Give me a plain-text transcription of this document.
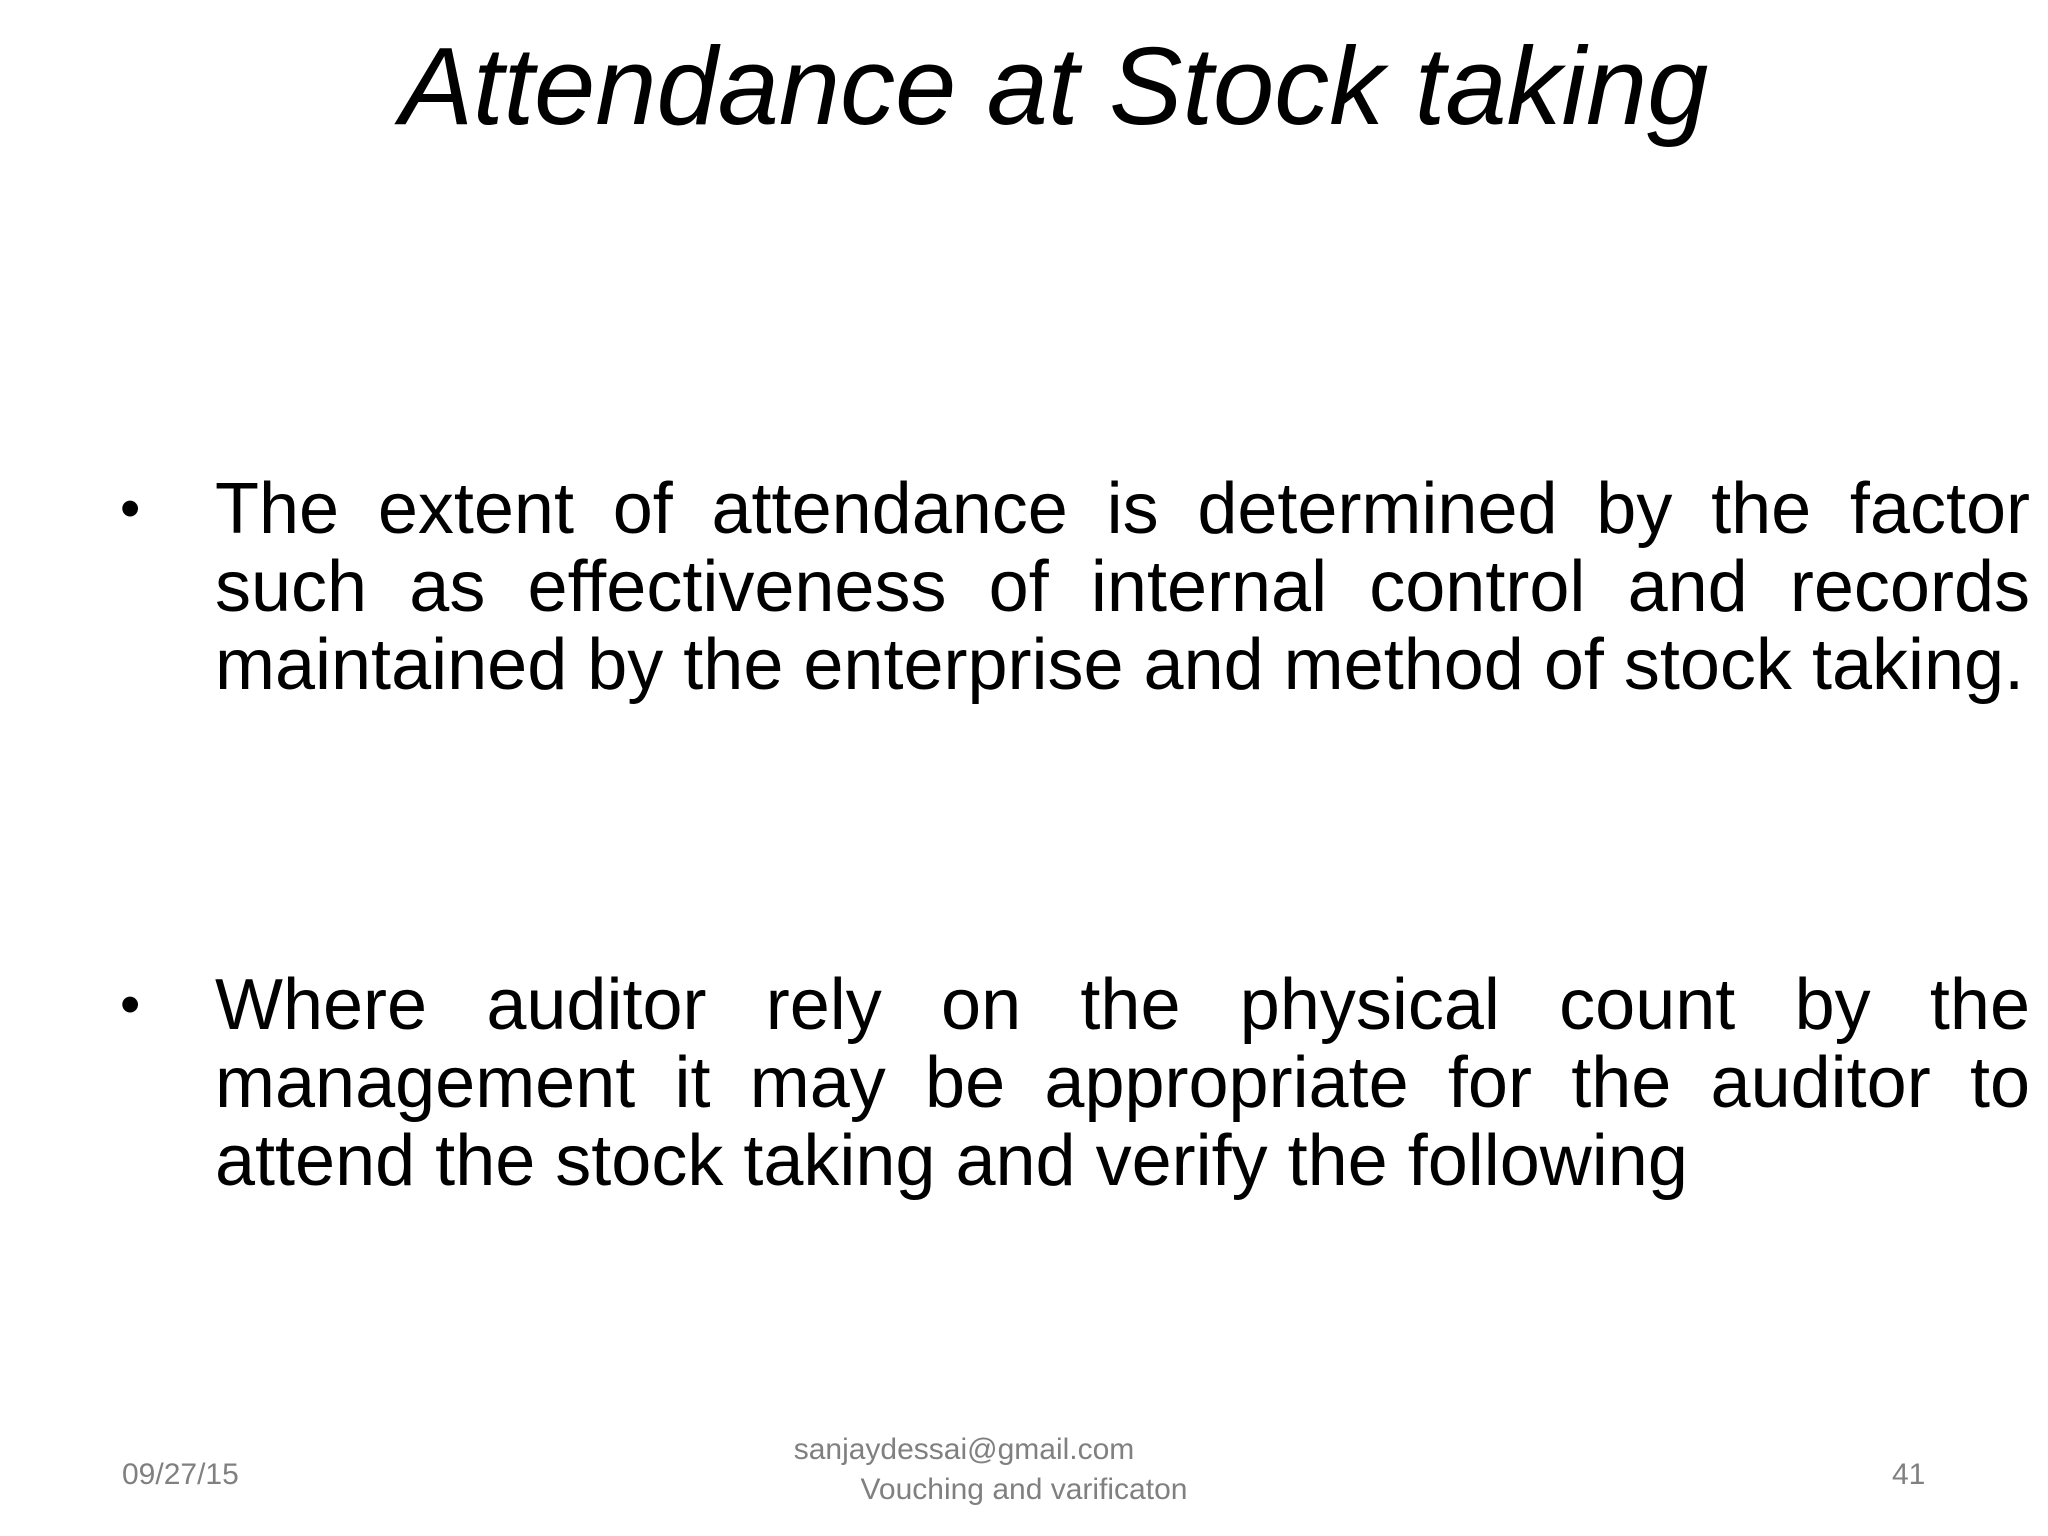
Attendance at Stock taking
• The extent of attendance is determined by the factor such as effectiveness of internal control and records maintained by the enterprise and method of stock taking.
• Where auditor rely on the physical count by the management it may be appropriate for the auditor to attend the stock taking and verify the following
09/27/15
sanjaydessai@gmail.com
Vouching and varificaton	41
